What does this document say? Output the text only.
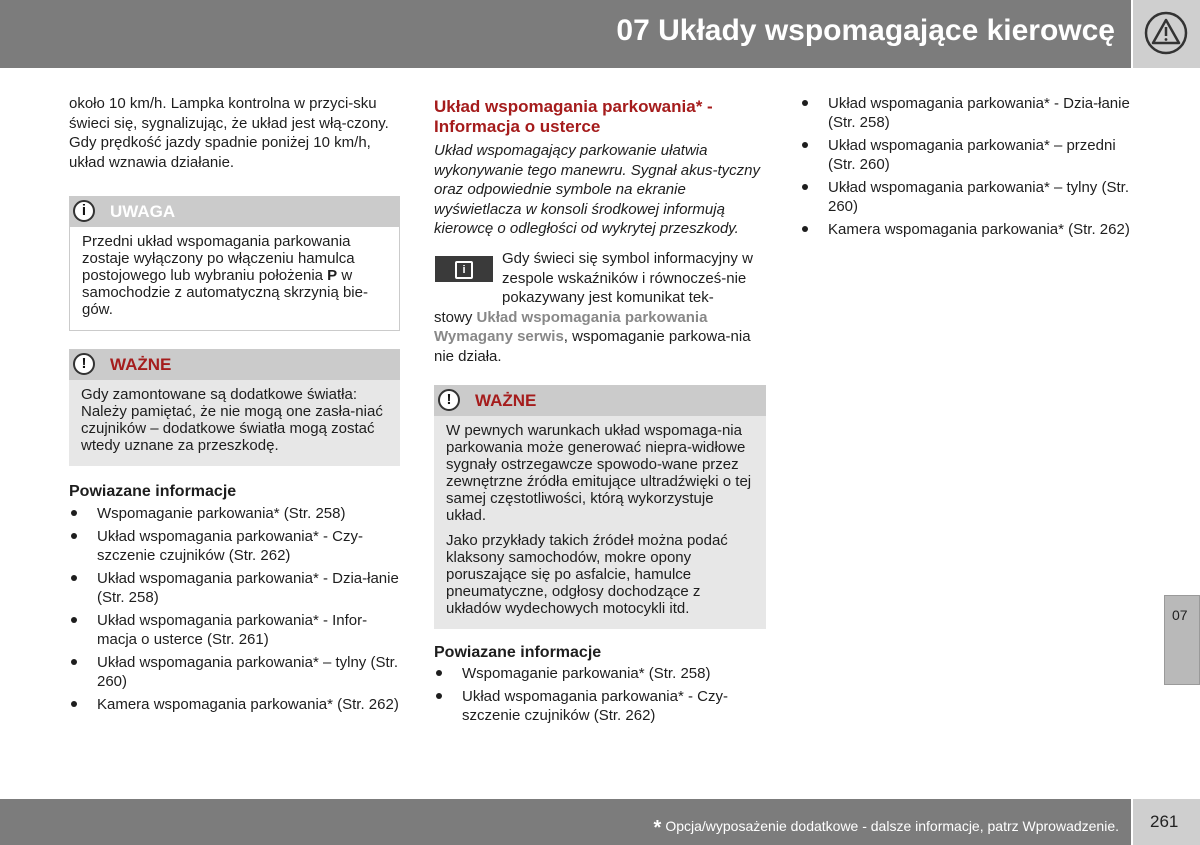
07 Układy wspomagające kierowcę

około 10 km/h. Lampka kontrolna w przyci-sku świeci się, sygnalizując, że układ jest włą-czony. Gdy prędkość jazdy spadnie poniżej 10 km/h, układ wznawia działanie.

i	UWAGA
Przedni układ wspomagania parkowania zostaje wyłączony po włączeniu hamulca postojowego lub wybraniu położenia P w samochodzie z automatyczną skrzynią bie-gów.
!	WAŻNE

Gdy zamontowane są dodatkowe światła: Należy pamiętać, że nie mogą one zasła-niać czujników – dodatkowe światła mogą zostać wtedy uznane za przeszkodę.

Powiazane informacje
Wspomaganie parkowania* (Str. 258)
Układ wspomagania parkowania* - Czy-szczenie czujników (Str. 262)
Układ wspomagania parkowania* - Dzia-łanie (Str. 258)
Układ wspomagania parkowania* - Infor-macja o usterce (Str. 261)
Układ wspomagania parkowania* – tylny (Str. 260)
Kamera wspomagania parkowania* (Str. 262)
Układ wspomagania parkowania* - Informacja o usterce

Układ wspomagający parkowanie ułatwia wykonywanie tego manewru. Sygnał akus-tyczny oraz odpowiednie symbole na ekranie wyświetlacza w konsoli środkowej informują kierowcę o odległości od wykrytej przeszkody.

i

Gdy świeci się symbol informacyjny w zespole wskaźników i równocześ-nie pokazywany jest komunikat tek-

stowy Układ wspomagania parkowania Wymagany serwis, wspomaganie parkowa-nia nie działa.

!	WAŻNE

W pewnych warunkach układ wspomaga-nia parkowania może generować niepra-widłowe sygnały ostrzegawcze spowodo-wane przez zewnętrzne źródła emitujące ultradźwięki o tej samej częstotliwości, którą wykorzystuje układ.

Jako przykłady takich źródeł można podać klaksony samochodów, mokre opony poruszające się po asfalcie, hamulce pneumatyczne, odgłosy dochodzące z układów wydechowych motocykli itd.

Powiazane informacje
Wspomaganie parkowania* (Str. 258)
Układ wspomagania parkowania* - Czy-szczenie czujników (Str. 262)
Układ wspomagania parkowania* - Dzia-łanie (Str. 258)
Układ wspomagania parkowania* – przedni (Str. 260)
Układ wspomagania parkowania* – tylny (Str. 260)
Kamera wspomagania parkowania* (Str. 262)
07
* Opcja/wyposażenie dodatkowe - dalsze informacje, patrz Wprowadzenie. 261
